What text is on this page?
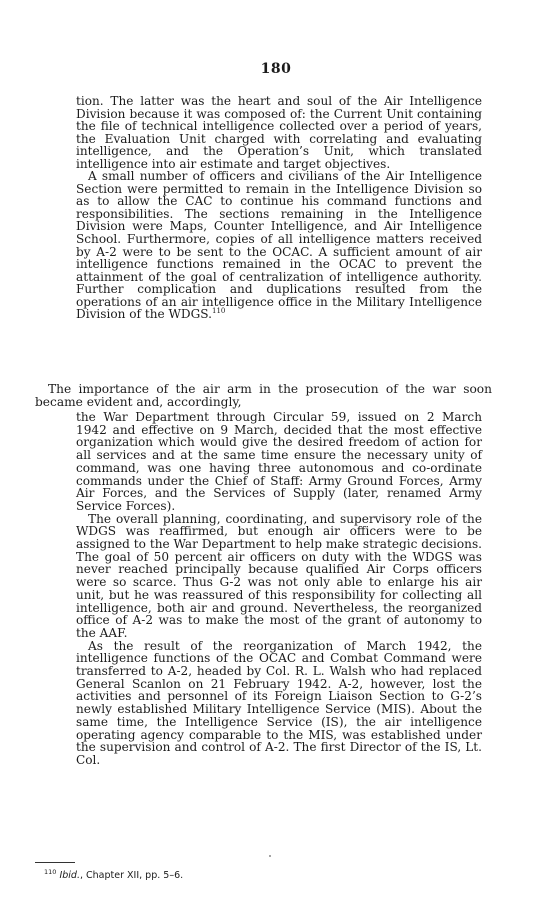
180

tion. The latter was the heart and soul of the Air Intelligence Division because it was composed of: the Current Unit containing the file of technical intelligence collected over a period of years, the Evaluation Unit charged with correlating and evaluating intelligence, and the Operation’s Unit, which translated intelligence into air estimate and target objectives.

A small number of officers and civilians of the Air Intelligence Section were permitted to remain in the Intelligence Division so as to allow the CAC to continue his command functions and responsibilities. The sections remaining in the Intelligence Division were Maps, Counter Intelligence, and Air Intelligence School. Furthermore, copies of all intelligence matters received by A-2 were to be sent to the OCAC. A sufficient amount of air intelligence functions remained in the OCAC to prevent the attainment of the goal of centralization of intelligence authority. Further complication and duplications resulted from the operations of an air intelligence office in the Military Intelligence Division of the WDGS.$^{110}$

The importance of the air arm in the prosecution of the war soon became evident and, accordingly,

the War Department through Circular 59, issued on 2 March 1942 and effective on 9 March, decided that the most effective organization which would give the desired freedom of action for all services and at the same time ensure the necessary unity of command, was one having three autonomous and co-ordinate commands under the Chief of Staff: Army Ground Forces, Army Air Forces, and the Services of Supply (later, renamed Army Service Forces).

The overall planning, coordinating, and supervisory role of the WDGS was reaffirmed, but enough air officers were to be assigned to the War Department to help make strategic decisions. The goal of 50 percent air officers on duty with the WDGS was never reached principally because qualified Air Corps officers were so scarce. Thus G-2 was not only able to enlarge his air unit, but he was reassured of this responsibility for collecting all intelligence, both air and ground. Nevertheless, the reorganized office of A-2 was to make the most of the grant of autonomy to the AAF.

As the result of the reorganization of March 1942, the intelligence functions of the OCAC and Combat Command were transferred to A-2, headed by Col. R. L. Walsh who had replaced General Scanlon on 21 February 1942. A-2, however, lost the activities and personnel of its Foreign Liaison Section to G-2’s newly established Military Intelligence Service (MIS). About the same time, the Intelligence Service (IS), the air intelligence operating agency comparable to the MIS, was established under the supervision and control of A-2. The first Director of the IS, Lt. Col.

$^{110}$ Ibid., Chapter XII, pp. 5–6.
